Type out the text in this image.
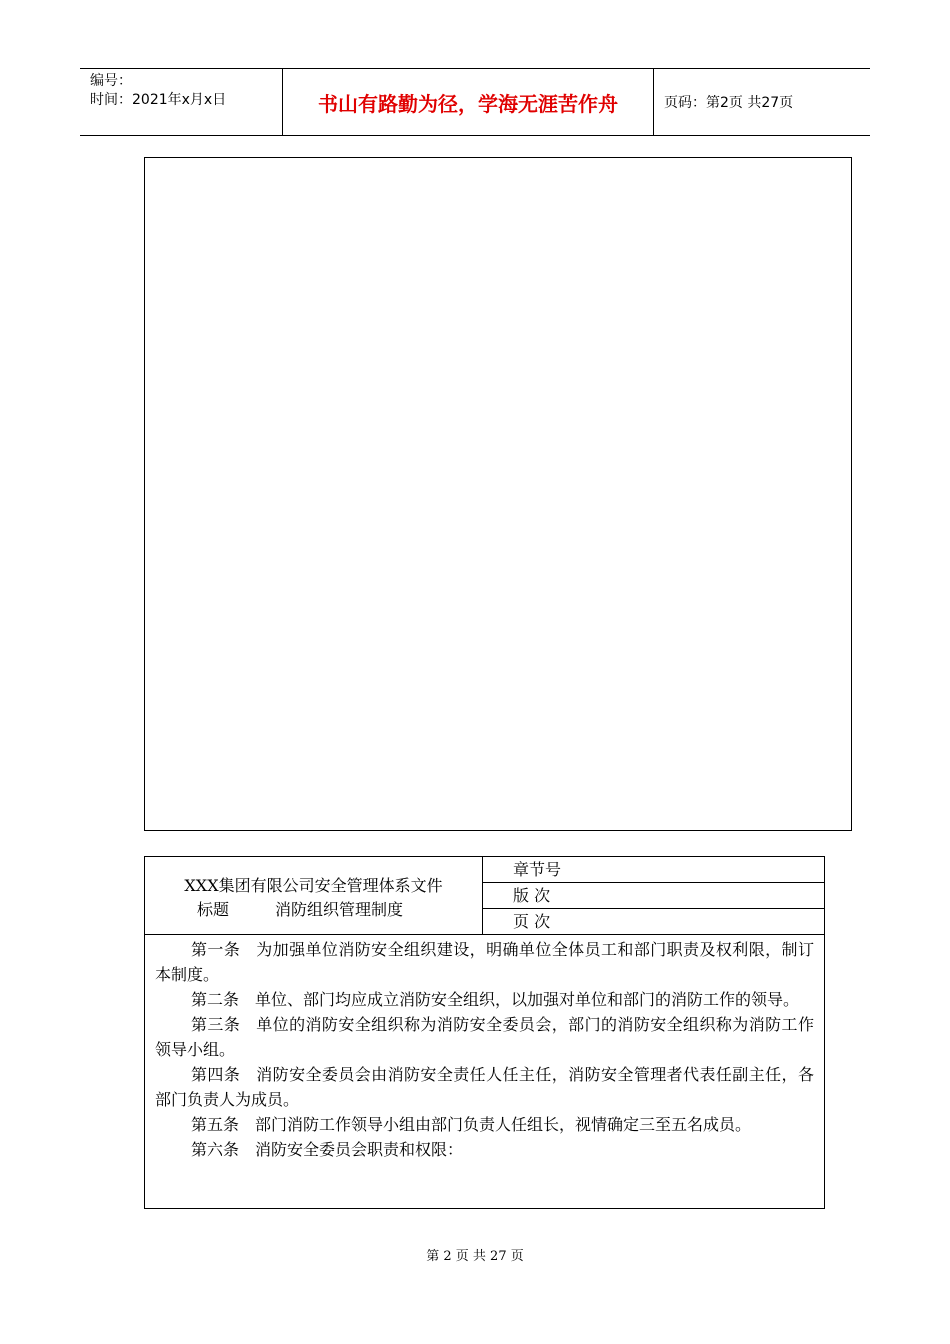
编号：
时间：2021年x月x日	书山有路勤为径，学海无涯苦作舟	页码：第2页 共27页
XXX集团有限公司安全管理体系文件
标题	消防组织管理制度
章节号
版 次
页 次

第一条 为加强单位消防安全组织建设，明确单位全体员工和部门职责及权利限，制订本制度。

第二条 单位、部门均应成立消防安全组织，以加强对单位和部门的消防工作的领导。

第三条 单位的消防安全组织称为消防安全委员会，部门的消防安全组织称为消防工作领导小组。

第四条 消防安全委员会由消防安全责任人任主任，消防安全管理者代表任副主任，各部门负责人为成员。

第五条 部门消防工作领导小组由部门负责人任组长，视情确定三至五名成员。

第六条 消防安全委员会职责和权限：

第 2 页 共 27 页
